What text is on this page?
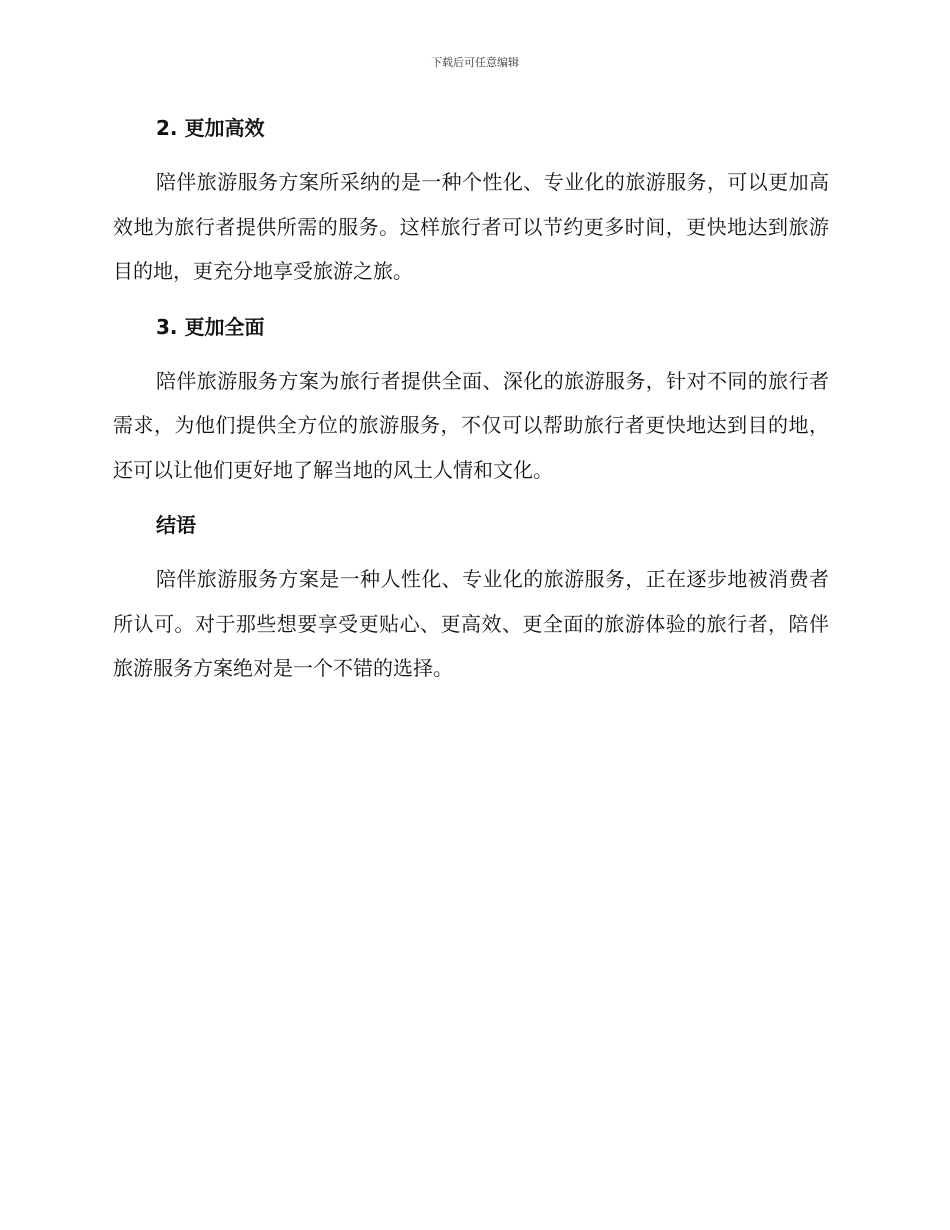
下载后可任意编辑
2. 更加高效

陪伴旅游服务方案所采纳的是一种个性化、专业化的旅游服务，可以更加高效地为旅行者提供所需的服务。这样旅行者可以节约更多时间，更快地达到旅游目的地，更充分地享受旅游之旅。

3. 更加全面

陪伴旅游服务方案为旅行者提供全面、深化的旅游服务，针对不同的旅行者需求，为他们提供全方位的旅游服务，不仅可以帮助旅行者更快地达到目的地，还可以让他们更好地了解当地的风土人情和文化。

结语

陪伴旅游服务方案是一种人性化、专业化的旅游服务，正在逐步地被消费者所认可。对于那些想要享受更贴心、更高效、更全面的旅游体验的旅行者，陪伴旅游服务方案绝对是一个不错的选择。
